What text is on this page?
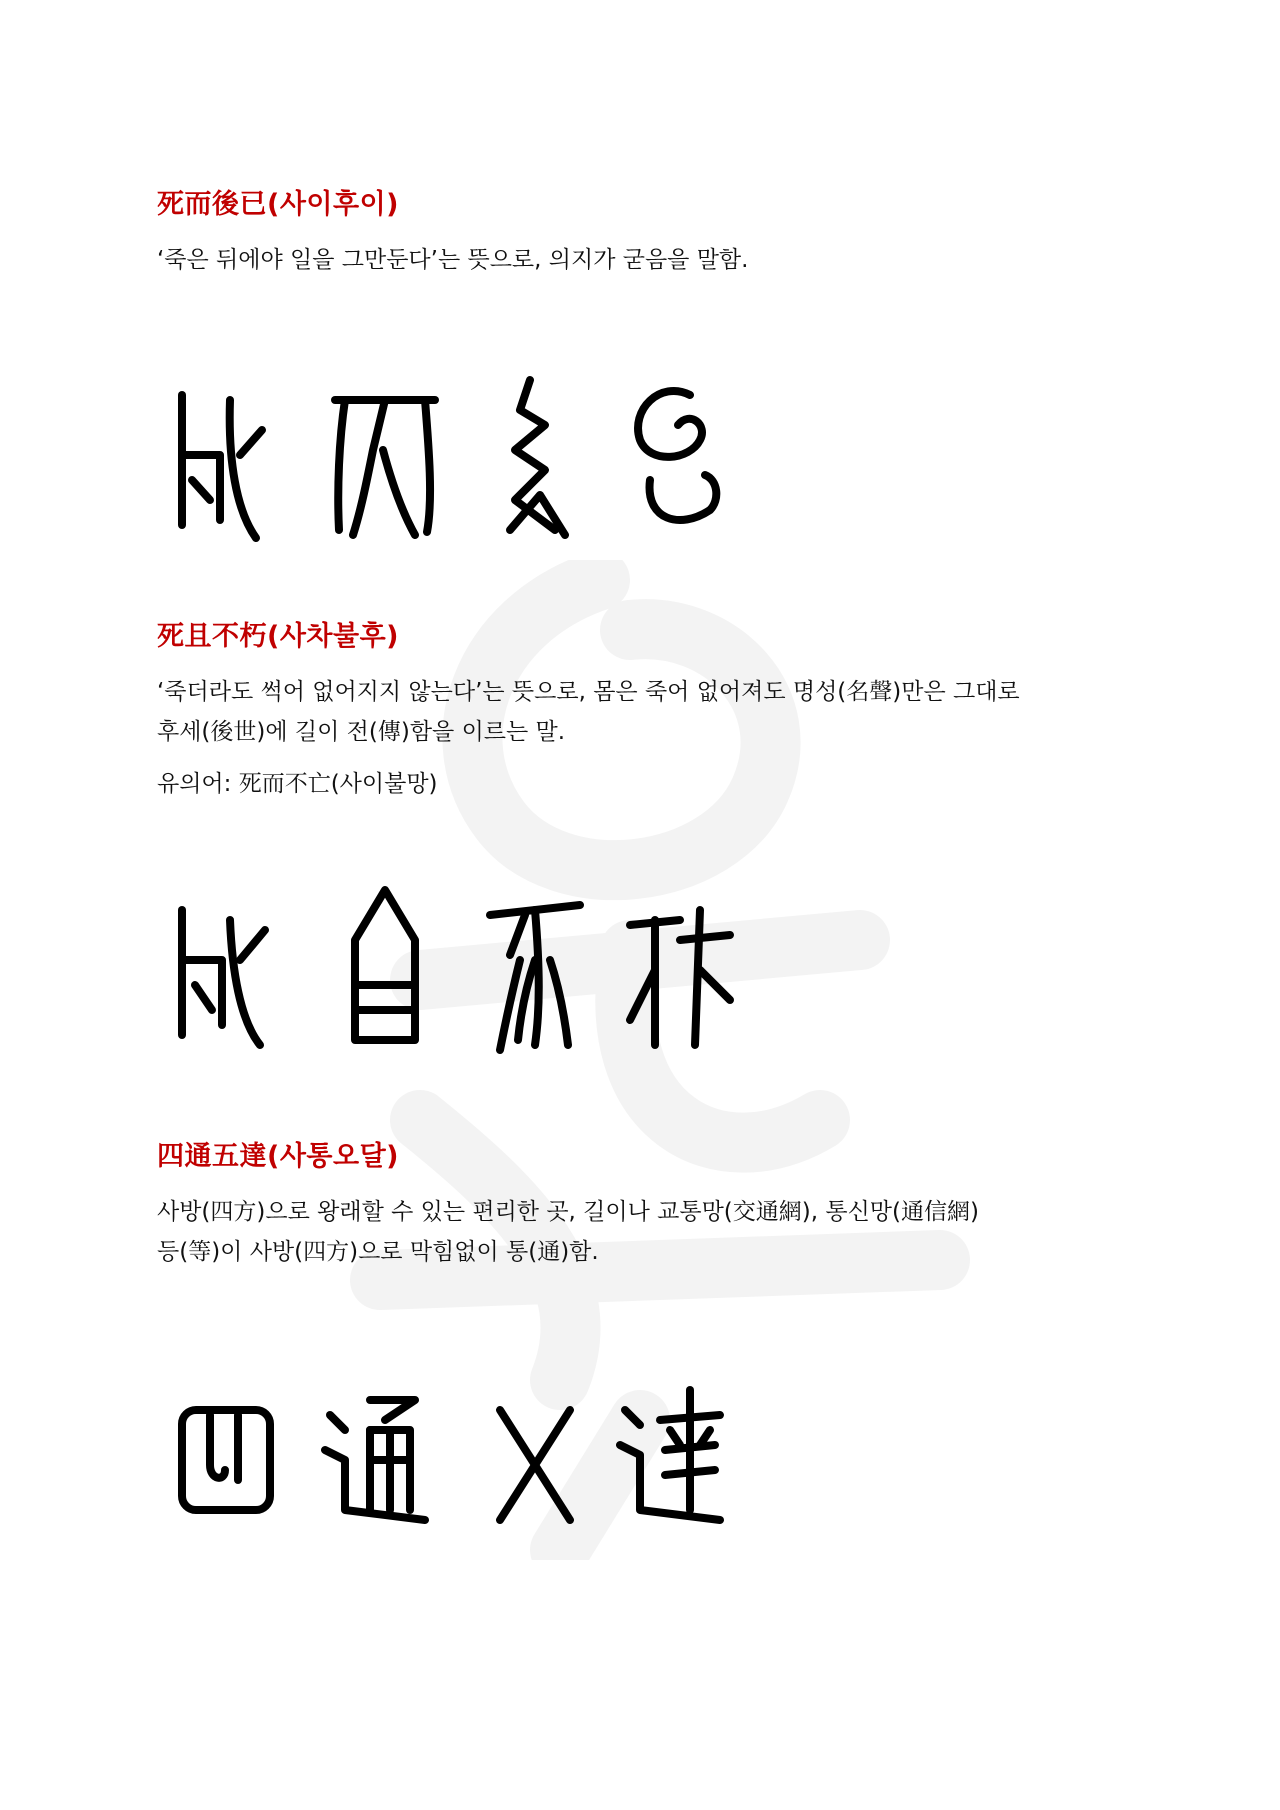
死而後已(사이후이)

‘죽은 뒤에야 일을 그만둔다’는 뜻으로, 의지가 굳음을 말함.

死且不朽(사차불후)

‘죽더라도 썩어 없어지지 않는다’는 뜻으로, 몸은 죽어 없어져도 명성(名聲)만은 그대로

후세(後世)에 길이 전(傳)함을 이르는 말.

유의어: 死而不亡(사이불망)

四通五達(사통오달)

사방(四方)으로 왕래할 수 있는 편리한 곳, 길이나 교통망(交通網), 통신망(通信網)

등(等)이 사방(四方)으로 막힘없이 통(通)함.
